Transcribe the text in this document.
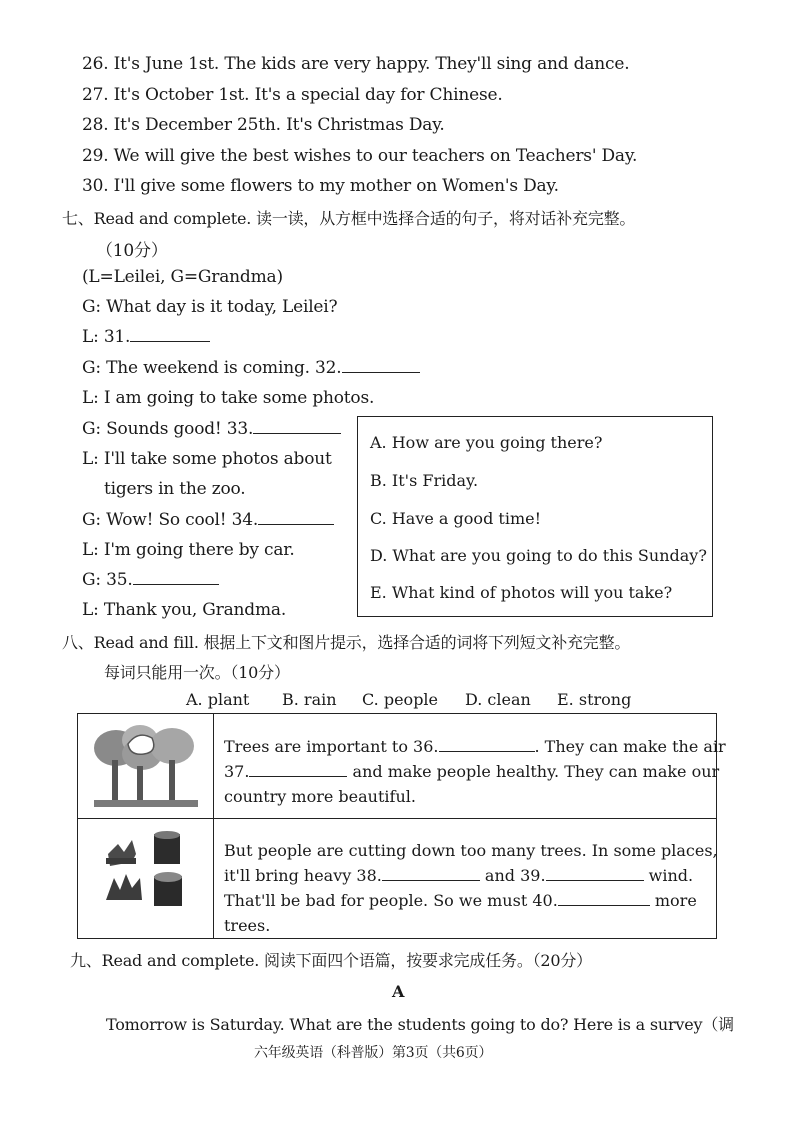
26. It's June 1st. The kids are very happy. They'll sing and dance.
27. It's October 1st. It's a special day for Chinese.
28. It's December 25th. It's Christmas Day.
29. We will give the best wishes to our teachers on Teachers' Day.
30. I'll give some flowers to my mother on Women's Day.
七、Read and complete. 读一读，从方框中选择合适的句子，将对话补充完整。
（10分）
(L=Leilei, G=Grandma)
G: What day is it today, Leilei?
L: 31.
G: The weekend is coming. 32.
L: I am going to take some photos.
G: Sounds good! 33.
L: I'll take some photos about
tigers in the zoo.
G: Wow! So cool! 34.
L: I'm going there by car.
G: 35.
L: Thank you, Grandma.
A. How are you going there?
B. It's Friday.
C. Have a good time!
D. What are you going to do this Sunday?
E. What kind of photos will you take?
八、Read and fill. 根据上下文和图片提示，选择合适的词将下列短文补充完整。
每词只能用一次。（10分）
A. plant B. rain C. people D. clean E. strong
Trees are important to 36.	. They can make the air
37.	and make people healthy. They can make our
country more beautiful.
But people are cutting down too many trees. In some places,
it'll bring heavy 38.	and 39.	wind.
That'll be bad for people. So we must 40.	more
trees.
九、Read and complete. 阅读下面四个语篇，按要求完成任务。（20分）
A
Tomorrow is Saturday. What are the students going to do? Here is a survey（调
六年级英语（科普版）第3页（共6页）
